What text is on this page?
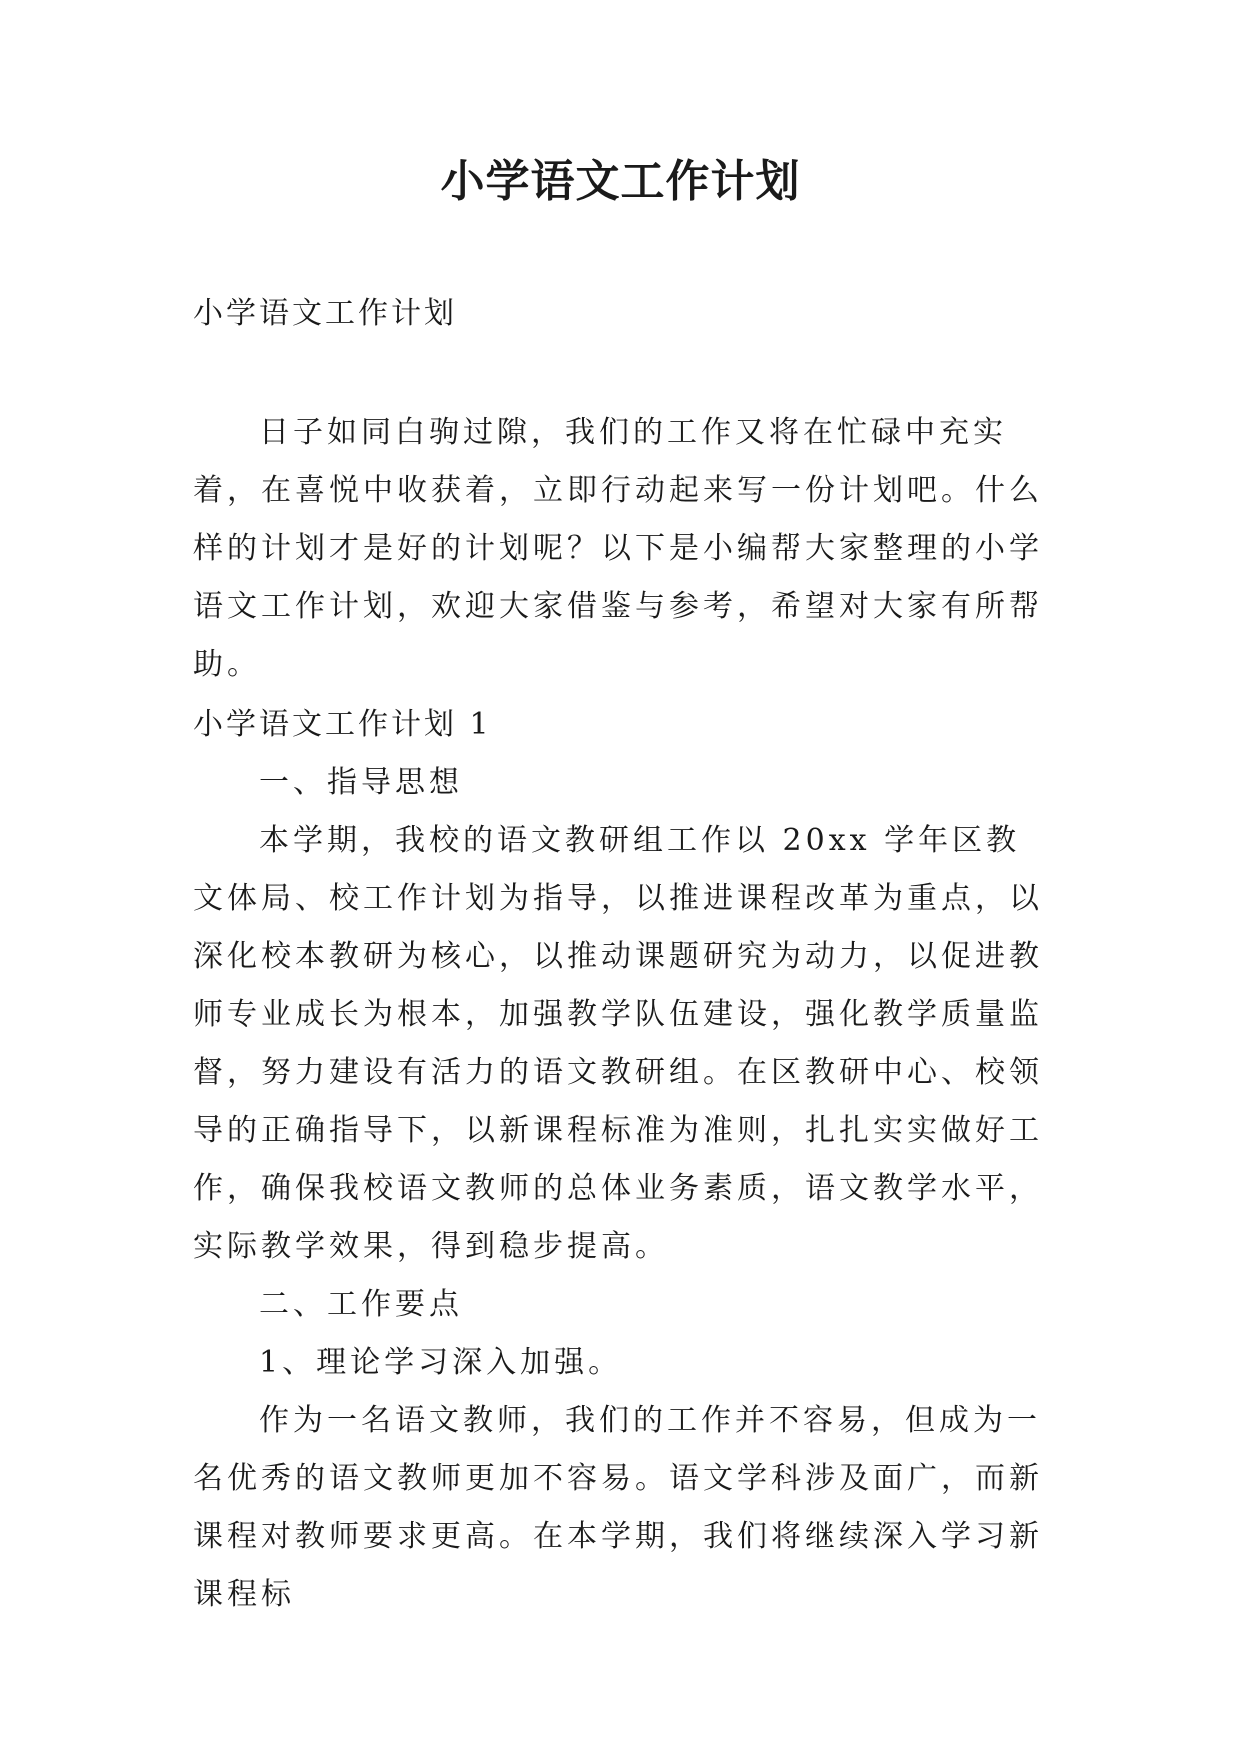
小学语文工作计划
小学语文工作计划
日子如同白驹过隙，我们的工作又将在忙碌中充实着，在喜悦中收获着，立即行动起来写一份计划吧。什么样的计划才是好的计划呢？以下是小编帮大家整理的小学语文工作计划，欢迎大家借鉴与参考，希望对大家有所帮助。
小学语文工作计划 1
一、指导思想
本学期，我校的语文教研组工作以 20xx 学年区教文体局、校工作计划为指导，以推进课程改革为重点，以深化校本教研为核心，以推动课题研究为动力，以促进教师专业成长为根本，加强教学队伍建设，强化教学质量监督，努力建设有活力的语文教研组。在区教研中心、校领导的正确指导下，以新课程标准为准则，扎扎实实做好工作，确保我校语文教师的总体业务素质，语文教学水平，实际教学效果，得到稳步提高。
二、工作要点
1、理论学习深入加强。
作为一名语文教师，我们的工作并不容易，但成为一名优秀的语文教师更加不容易。语文学科涉及面广，而新课程对教师要求更高。在本学期，我们将继续深入学习新课程标
